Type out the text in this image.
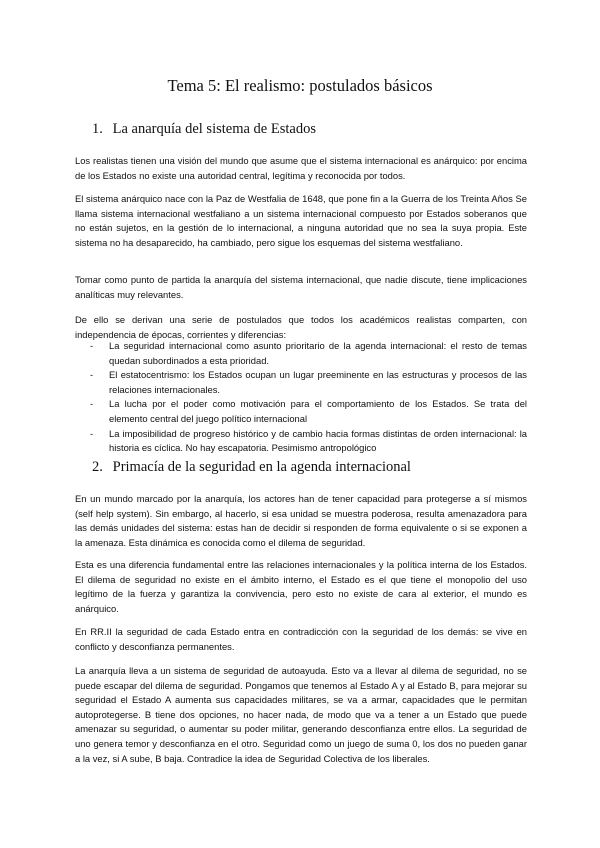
Tema 5: El realismo: postulados básicos
1. La anarquía del sistema de Estados

Los realistas tienen una visión del mundo que asume que el sistema internacional es anárquico: por encima de los Estados no existe una autoridad central, legítima y reconocida por todos.

El sistema anárquico nace con la Paz de Westfalia de 1648, que pone fin a la Guerra de los Treinta Años Se llama sistema internacional westfaliano a un sistema internacional compuesto por Estados soberanos que no están sujetos, en la gestión de lo internacional, a ninguna autoridad que no sea la suya propia. Este sistema no ha desaparecido, ha cambiado, pero sigue los esquemas del sistema westfaliano.

Tomar como punto de partida la anarquía del sistema internacional, que nadie discute, tiene implicaciones analíticas muy relevantes.

De ello se derivan una serie de postulados que todos los académicos realistas comparten, con independencia de épocas, corrientes y diferencias:

- La seguridad internacional como asunto prioritario de la agenda internacional: el resto de temas quedan subordinados a esta prioridad.
- El estatocentrismo: los Estados ocupan un lugar preeminente en las estructuras y procesos de las relaciones internacionales.
- La lucha por el poder como motivación para el comportamiento de los Estados. Se trata del elemento central del juego político internacional
- La imposibilidad de progreso histórico y de cambio hacia formas distintas de orden internacional: la historia es cíclica. No hay escapatoria. Pesimismo antropológico
2. Primacía de la seguridad en la agenda internacional

En un mundo marcado por la anarquía, los actores han de tener capacidad para protegerse a sí mismos (self help system). Sin embargo, al hacerlo, si esa unidad se muestra poderosa, resulta amenazadora para las demás unidades del sistema: estas han de decidir si responden de forma equivalente o si se exponen a la amenaza. Esta dinámica es conocida como el dilema de seguridad.

Esta es una diferencia fundamental entre las relaciones internacionales y la política interna de los Estados. El dilema de seguridad no existe en el ámbito interno, el Estado es el que tiene el monopolio del uso legítimo de la fuerza y garantiza la convivencia, pero esto no existe de cara al exterior, el mundo es anárquico.

En RR.II la seguridad de cada Estado entra en contradicción con la seguridad de los demás: se vive en conflicto y desconfianza permanentes.

La anarquía lleva a un sistema de seguridad de autoayuda. Esto va a llevar al dilema de seguridad, no se puede escapar del dilema de seguridad. Pongamos que tenemos al Estado A y al Estado B, para mejorar su seguridad el Estado A aumenta sus capacidades militares, se va a armar, capacidades que le permitan autoprotegerse. B tiene dos opciones, no hacer nada, de modo que va a tener a un Estado que puede amenazar su seguridad, o aumentar su poder militar, generando desconfianza entre ellos. La seguridad de uno genera temor y desconfianza en el otro. Seguridad como un juego de suma 0, los dos no pueden ganar a la vez, si A sube, B baja. Contradice la idea de Seguridad Colectiva de los liberales.
